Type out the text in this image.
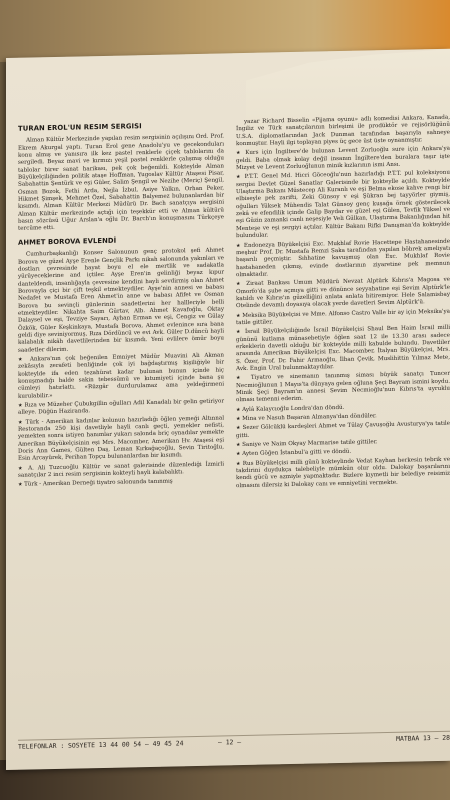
TURAN EROL'UN RESIM SERGISI

Alman Kültür Merkezinde yapılan resim sergisinin açılışını Ord. Prof. Ekrem Akurgal yaptı. Turan Erol gene Anadolu'yu ve gecekonduları konu almış ve yanısıra ilk kez pastel renklerle çiçek tablolarını da sergiledi. Beyaz mavi ve kırmızı yeşil pastel renklerle çalışmış olduğu tablolar birer sanat harikası, pek çok beğenildi. Kokteylde Alman Büyükelçiliğinden politik ataşe Hoffman, Yugoslav Kültür Ataşesi Pisar, Sabahattin Şentürk ve eşi Güler, Salim Şengil ve Nezihe (Meriç) Şengil, Osman Bozok, Fethi Arda, Nejla İzbul, Asiye Yalkın, Orhan Peker, Hikmet Şimşek, Mehmet Özel, Sabahattin Balyemez bulunanlardan bir kısımdı. Alman Kültür Merkezi Müdürü Dr. Bach sanatçıya sergisini Alman Kültür merkezinde açtığı için teşekkür etti ve Alman kültürü basın sözcüsü Uğur Arslan'a oğlu Dr. Barch'ın konuşmasını Türkçeye tercüme etti.

AHMET BOROVA EVLENDİ

Cumhurbaşkanlığı Konser Salonunun genç protokol şefi Ahmet Borova ve güzel Ayşe Erenle Gençlik Parkı nikah salonunda yakınları ve dostları çevresinde hayat boyu el ele mertlik ve sadakatla yürüyeceklerine and içtiler. Ayşe Eren'in gelinliği beyaz kıpur danteldendi, insanlığayla çevresine kendini hayli sevdirmiş olan Ahmet Borovayla çiçi bir çift teşkil etmekteydiler. Ayşe'nin annesi ve babası Nedafet ve Mustafa Eren Ahmet'in anne ve babası Afifet ve Osman Borova bu sevinçli günlerinin saadetlerini her hallleriyle belli etmekteydiler. Nikahta Saim Gürtav, Alb. Ahmet Kavafoğlu, Oktay Dalaysel ve eşi, Tevziye Sayarı, Ayhan Erman ve eşi, Cengiz ve Gülay Özkök, Güler Keşkinkaya, Mustafa Borova, Ahmet evlenince sıra bana geldi diye seviniyormuş, Rıza Dördüncü ve evi Avk. Güler D.düncü hayli kalabalık nikâh davetlilerinden bir kısımdı. Yeni evlilere ömür boyu saadetler dilerim.

★ Ankara'nın çok beğenilen Emniyet Müdür Muavini Ali Akman zekâsıyla zerafeti benliğinde çok iyi bağdaştırmış kişiliğiyle bir kokteylde ifa eden tezahürat kadar bulunan bunun içinde hiç konuşmadığı halde sakin tebessümü ve kıtumiyeti içinde bana şu cümleyi hatırlattı. «Rüzgâr durdurulamaz ama yeldeğirmeni kurulabilir.»

★ Rıza ve Müzeher Çubukgillin oğulları Adil Kanadalı bir gelin getiriyor alleye. Düğün Haziranda.

★ Türk - Amerikan kadınlar kolunun hazırladığı öğlen yemeği Altınnal Restoranda 250 kişi davetliyle hayli canlı geçti, yemekler nefisti, yemekten sonra istiyen hanımlar yukarı salonda briç oynadılar yemekte Amerikan Büyükelçisinin eşi Mrs. Macomber, Amerikan Hv. Ataşesi eşi Doris Ann Games, Gülten Daş, Leman Kırkağaçoğlu, Sevin Tiritoğlu, Esin Arcayürek, Perihan Topçu bulunanlardan bir kısımdı.

★ A. Ali Tuzcuoğlu Kültür ve sanat galerisinde düzenlediği İzmirli sanatçılar 2 inci resim sergisinin kokteyli hayli kalabalıktı.

★ Türk - Amerikan Derneği tiyatro salonunda tanınmış

yazar Richard Bisselin «Pijama oyunu» adlı komedisi Ankara, Kanada, İngiliz ve Türk sanatçılarının birleşimi ile prodüktör ve rejisörlüğünü U.S.A. diplomatlarından Jack Dunman tarafından başarıyla sahneye konmuştur. Hayli ilgi toplayan piyes üç gece üst üste oynanmıştır.

★ Kurs için İngiltere'de bulunan Levent Zorluoğlu sure için Ankara'ya geldi. Baba olmak kolay değil insanın İngiltere'den buralara taşır işte Mizyet ve Levent Zorluoğlunun minik kızlarının ismi Ansı.

★ P.T.T. Genel Md. Hicri Göceoğlu'nun hazırladığı P.T.T. pul koleksiyonu sergisi Devlet Güzel Sanatlar Galerisinde bir kokteylle açıldı. Kokteylde Ulaştırma Bakanı Müstecep Ali Kuranlı ve eşi Belma ekose kahve rengi bir elbiseyle pek zarifti, Zeki Günsoy v eşi Şükran bej tayyörler giymiş, oğulları Yüksek Mühendis Talat Günsoy genç kuşağa örnek gösterilecek zekâ ve efendilik içinde Galip Baydar ve güzel eşi Gülen, Tevfik Yüksel ve eşi Güzin zamanki canlı neşesiyle Veli Gülkan, Ulaştırma Bakanlığından hit Menteşe ve eşi sergiyi açtılar. Kültür Bakanı Rifki Danışman'da kokteylde bulundular.

★ Endonezya Büyükelçisi Exc. Mukhlaf Rovie Hacettepe Hastahanesinde meşhur Prof. Dr. Mustafa Remzi Saka tarafından yapılan böbrek ameliyatı başarılı geçmiştir. Sıhhatine kavuşmuş olan Exc. Mukhlaf Rovie hastahaneden çıkmış, evinde dostlarının ziyaretine pek memnun olmaktadır.

★ Ziraat Bankası Umum Müdürü Nevzat Alptürk Kıbrıs'a Magosa ve Omorfo'da şube açmıya gitti ve dönünce seyyahatine eşi Sevim Alptürk'le katıldı ve Kıbrıs'ın güzelliğini anlata anlata bitiremiyor. Hele Salamisbay Otelinde devamlı doyasıya olacak yerde davetleri Sevim Alptürk'ü.

★ Meksika Büyükelçisi ve Mme. Alfonso Castro Valle bir ay için Meksika'ya tatile gittiler.

★ İsrail Büyükelçiliğinde İsrail Büyükelçisi Shaul Ben Haim İsrail milli gününü kutlama münasebetiyle öğlen saat 12 ile 13.30 arası sadece erkeklerin davetli olduğu bir kokteylde milli kabulde bulundu. Davetliler arasında Amerikan Büyükelçisi Exc. Macomber, İtalyan Büyükelçisi, Mrs. S. Özer, Prof. Dr. Fahir Armaoğlu, İlhan Çevik, Muslihittin Yılmaz Mete, Avk. Engin Ural bulunmaktaydılar.

★ Tiyatro ve sinemanın tanınmış siması büyük sanatçı Tuncer Necmioğlunun 1 Mayıs'ta dünyaya gelen oğluna Şeçi Bayram ismini koydu. Minik Şeçi Bayram'ın annesi Sevim Necmioğlu'nun Kıbrıs'ta uyruklu olması temenni ederim.

★ Aylâ Kalaycıoğlu Londra'dan döndü.

★ Mina ve Nasuh Başaran Almanya'dan döndüler.

★ Sezer Gölcüklü kardeşleri Ahmet ve Tülay Çavuşoğlu Avusturya'ya tatile gitti.

★ Saniye ve Naim Okyay Marmarise tatile gittiler.

★ Ayten Göğen İstanbul'a gitti ve döndü.

★ Rus Büyükelçisi milli günü kokteylinde Vedat Kayhan herkesin tebrik ve takdirini duydukça talebeliyle mümkün olur oldu. Dalokay başarılarını kendi gücü ve azmiyle yapmaktadır. Bizlere kıymetli bir belediye reisimiz olmasını dilersiz ki Dalokay canı ve emniyetini vermekte.

TELEFONLAR : SOSYETE 13 44 00 54 — 49 45 24	— 12 —	MATBAA 13 — 28
